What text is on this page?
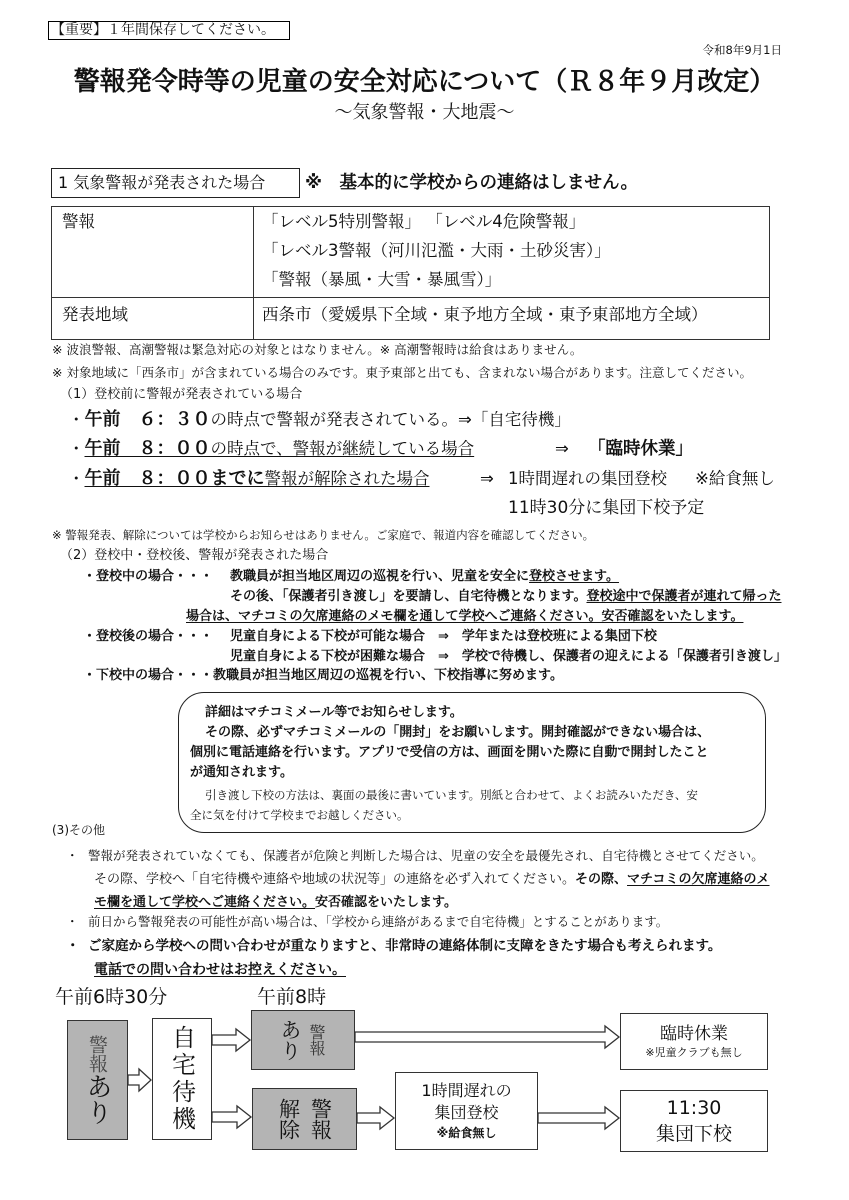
【重要】１年間保存してください。
令和8年9月1日
警報発令時等の児童の安全対応について（Ｒ８年９月改定）
～気象警報・大地震～
1 気象警報が発表された場合	※　基本的に学校からの連絡はしません。
警報	「レベル5特別警報」 「レベル4危険警報」
「レベル3警報（河川氾濫・大雨・土砂災害）」
「警報（暴風・大雪・暴風雪）」
発表地域	西条市（愛媛県下全域・東予地方全域・東予東部地方全域）
※ 波浪警報、高潮警報は緊急対応の対象とはなりません。※ 高潮警報時は給食はありません。
※ 対象地域に「西条市」が含まれている場合のみです。東予東部と出ても、含まれない場合があります。注意してください。
（1）登校前に警報が発表されている場合
・午前　６：３０の時点で警報が発表されている。⇒「自宅待機」
・午前　８：００の時点で、警報が継続している場合	⇒ 「臨時休業」
・午前　８：００までに警報が解除された場合	⇒ 1時間遅れの集団登校 ※給食無し
11時30分に集団下校予定
※ 警報発表、解除については学校からお知らせはありません。ご家庭で、報道内容を確認してください。
（2）登校中・登校後、警報が発表された場合
・登校中の場合・・・ 教職員が担当地区周辺の巡視を行い、児童を安全に登校させます。
その後、「保護者引き渡し」を要請し、自宅待機となります。登校途中で保護者が連れて帰った
場合は、マチコミの欠席連絡のメモ欄を通して学校へご連絡ください。安否確認をいたします。
・登校後の場合・・・ 児童自身による下校が可能な場合　⇒　学年または登校班による集団下校
児童自身による下校が困難な場合　⇒　学校で待機し、保護者の迎えによる「保護者引き渡し」
・下校中の場合・・・ 教職員が担当地区周辺の巡視を行い、下校指導に努めます。
詳細はマチコミメール等でお知らせします。
その際、必ずマチコミメールの「開封」をお願いします。開封確認ができない場合は、
個別に電話連絡を行います。アプリで受信の方は、画面を開いた際に自動で開封したこと
が通知されます。
引き渡し下校の方法は、裏面の最後に書いています。別紙と合わせて、よくお読みいただき、安
全に気を付けて学校までお越しください。
(3)その他
・ 警報が発表されていなくても、保護者が危険と判断した場合は、児童の安全を最優先され、自宅待機とさせてください。
その際、学校へ「自宅待機や連絡や地域の状況等」の連絡を必ず入れてください。その際、マチコミの欠席連絡のメ
モ欄を通して学校へご連絡ください。安否確認をいたします。
・ 前日から警報発表の可能性が高い場合は、「学校から連絡があるまで自宅待機」とすることがあります。
・ ご家庭から学校への問い合わせが重なりますと、非常時の連絡体制に支障をきたす場合も考えられます。
電話での問い合わせはお控えください。
午前6時30分	午前8時
警報あり 自宅待機	警報
あり
警報
解除
臨時休業
※児童クラブも無し
1時間遅れの
集団登校
※給食無し
11:30
集団下校
